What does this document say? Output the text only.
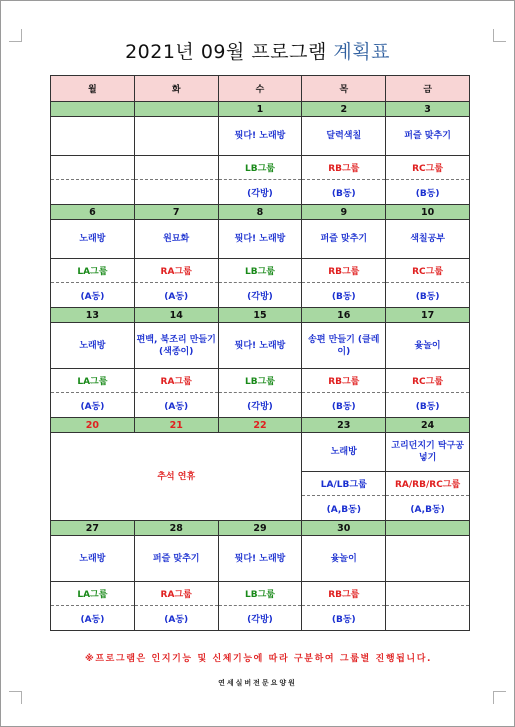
2021년 09월 프로그램 계획표
월	화	수	목	금
		1	2	3
		뭣다! 노래방	달력색칠	퍼즐 맞추기
		LB그룹	RB그룹	RC그룹
		(각방)	(B동)	(B동)
6	7	8	9	10
노래방	원묘화	뭣다! 노래방	퍼즐 맞추기	색칠공부
LA그룹	RA그룹	LB그룹	RB그룹	RC그룹
(A동)	(A동)	(각방)	(B동)	(B동)
13	14	15	16	17
노래방	편백, 북조리 만들기 (색종이)	뭣다! 노래방	송편 만들기 (클레이)	윷놀이
LA그룹	RA그룹	LB그룹	RB그룹	RC그룹
(A동)	(A동)	(각방)	(B동)	(B동)
20	21	22	23	24
추석 연휴			노래방	고리던지기 탁구공 넣기
			LA/LB그룹	RA/RB/RC그룹
			(A,B동)	(A,B동)
27	28	29	30	
노래방	퍼즐 맞추기	뭣다! 노래방	윷놀이	
LA그룹	RA그룹	LB그룹	RB그룹	
(A동)	(A동)	(각방)	(B동)	
※프로그램은 인지기능 및 신체기능에 따라 구분하여 그룹별 진행됩니다.
연세실버전문요양원
